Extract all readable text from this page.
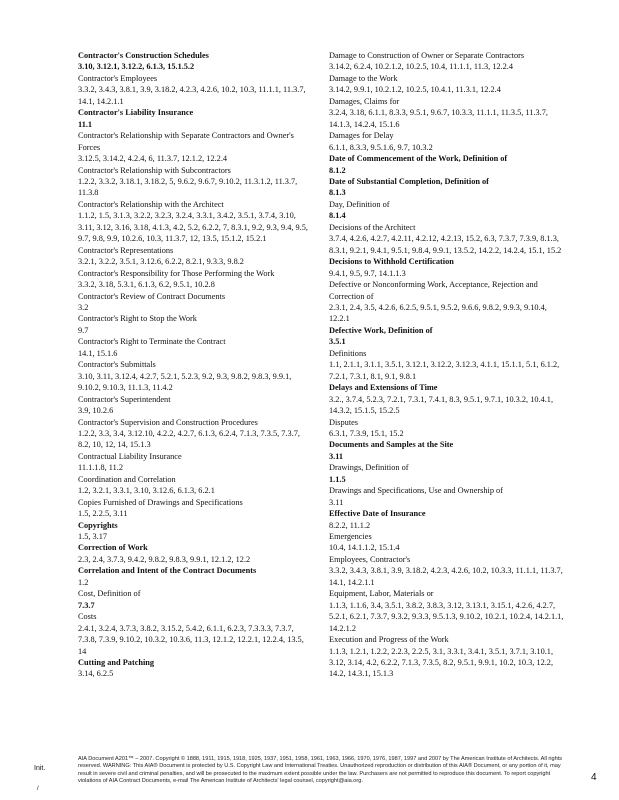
Contractor's Construction Schedules
3.10, 3.12.1, 3.12.2, 6.1.3, 15.1.5.2
Contractor's Employees
3.3.2, 3.4.3, 3.8.1, 3.9, 3.18.2, 4.2.3, 4.2.6, 10.2, 10.3, 11.1.1, 11.3.7, 14.1, 14.2.1.1
Contractor's Liability Insurance
11.1
Contractor's Relationship with Separate Contractors and Owner's Forces
3.12.5, 3.14.2, 4.2.4, 6, 11.3.7, 12.1.2, 12.2.4
Contractor's Relationship with Subcontractors
1.2.2, 3.3.2, 3.18.1, 3.18.2, 5, 9.6.2, 9.6.7, 9.10.2, 11.3.1.2, 11.3.7, 11.3.8
Contractor's Relationship with the Architect
1.1.2, 1.5, 3.1.3, 3.2.2, 3.2.3, 3.2.4, 3.3.1, 3.4.2, 3.5.1, 3.7.4, 3.10, 3.11, 3.12, 3.16, 3.18, 4.1.3, 4.2, 5.2, 6.2.2, 7, 8.3.1, 9.2, 9.3, 9.4, 9.5, 9.7, 9.8, 9.9, 10.2.6, 10.3, 11.3.7, 12, 13.5, 15.1.2, 15.2.1
Contractor's Representations
3.2.1, 3.2.2, 3.5.1, 3.12.6, 6.2.2, 8.2.1, 9.3.3, 9.8.2
Contractor's Responsibility for Those Performing the Work
3.3.2, 3.18, 5.3.1, 6.1.3, 6.2, 9.5.1, 10.2.8
Contractor's Review of Contract Documents
3.2
Contractor's Right to Stop the Work
9.7
Contractor's Right to Terminate the Contract
14.1, 15.1.6
Contractor's Submittals
3.10, 3.11, 3.12.4, 4.2.7, 5.2.1, 5.2.3, 9.2, 9.3, 9.8.2, 9.8.3, 9.9.1, 9.10.2, 9.10.3, 11.1.3, 11.4.2
Contractor's Superintendent
3.9, 10.2.6
Contractor's Supervision and Construction Procedures
1.2.2, 3.3, 3.4, 3.12.10, 4.2.2, 4.2.7, 6.1.3, 6.2.4, 7.1.3, 7.3.5, 7.3.7, 8.2, 10, 12, 14, 15.1.3
Contractual Liability Insurance
11.1.1.8, 11.2
Coordination and Correlation
1.2, 3.2.1, 3.3.1, 3.10, 3.12.6, 6.1.3, 6.2.1
Copies Furnished of Drawings and Specifications
1.5, 2.2.5, 3.11
Copyrights
1.5, 3.17
Correction of Work
2.3, 2.4, 3.7.3, 9.4.2, 9.8.2, 9.8.3, 9.9.1, 12.1.2, 12.2
Correlation and Intent of the Contract Documents
1.2
Cost, Definition of
7.3.7
Costs
2.4.1, 3.2.4, 3.7.3, 3.8.2, 3.15.2, 5.4.2, 6.1.1, 6.2.3, 7.3.3.3, 7.3.7, 7.3.8, 7.3.9, 9.10.2, 10.3.2, 10.3.6, 11.3, 12.1.2, 12.2.1, 12.2.4, 13.5, 14
Cutting and Patching
3.14, 6.2.5
Damage to Construction of Owner or Separate Contractors
3.14.2, 6.2.4, 10.2.1.2, 10.2.5, 10.4, 11.1.1, 11.3, 12.2.4
Damage to the Work
3.14.2, 9.9.1, 10.2.1.2, 10.2.5, 10.4.1, 11.3.1, 12.2.4
Damages, Claims for
3.2.4, 3.18, 6.1.1, 8.3.3, 9.5.1, 9.6.7, 10.3.3, 11.1.1, 11.3.5, 11.3.7, 14.1.3, 14.2.4, 15.1.6
Damages for Delay
6.1.1, 8.3.3, 9.5.1.6, 9.7, 10.3.2
Date of Commencement of the Work, Definition of
8.1.2
Date of Substantial Completion, Definition of
8.1.3
Day, Definition of
8.1.4
Decisions of the Architect
3.7.4, 4.2.6, 4.2.7, 4.2.11, 4.2.12, 4.2.13, 15.2, 6.3, 7.3.7, 7.3.9, 8.1.3, 8.3.1, 9.2.1, 9.4.1, 9.5.1, 9.8.4, 9.9.1, 13.5.2, 14.2.2, 14.2.4, 15.1, 15.2
Decisions to Withhold Certification
9.4.1, 9.5, 9.7, 14.1.1.3
Defective or Nonconforming Work, Acceptance, Rejection and Correction of
2.3.1, 2.4, 3.5, 4.2.6, 6.2.5, 9.5.1, 9.5.2, 9.6.6, 9.8.2, 9.9.3, 9.10.4, 12.2.1
Defective Work, Definition of
3.5.1
Definitions
1.1, 2.1.1, 3.1.1, 3.5.1, 3.12.1, 3.12.2, 3.12.3, 4.1.1, 15.1.1, 5.1, 6.1.2, 7.2.1, 7.3.1, 8.1, 9.1, 9.8.1
Delays and Extensions of Time
3.2., 3.7.4, 5.2.3, 7.2.1, 7.3.1, 7.4.1, 8.3, 9.5.1, 9.7.1, 10.3.2, 10.4.1, 14.3.2, 15.1.5, 15.2.5
Disputes
6.3.1, 7.3.9, 15.1, 15.2
Documents and Samples at the Site
3.11
Drawings, Definition of
1.1.5
Drawings and Specifications, Use and Ownership of
3.11
Effective Date of Insurance
8.2.2, 11.1.2
Emergencies
10.4, 14.1.1.2, 15.1.4
Employees, Contractor's
3.3.2, 3.4.3, 3.8.1, 3.9, 3.18.2, 4.2.3, 4.2.6, 10.2, 10.3.3, 11.1.1, 11.3.7, 14.1, 14.2.1.1
Equipment, Labor, Materials or
1.1.3, 1.1.6, 3.4, 3.5.1, 3.8.2, 3.8.3, 3.12, 3.13.1, 3.15.1, 4.2.6, 4.2.7, 5.2.1, 6.2.1, 7.3.7, 9.3.2, 9.3.3, 9.5.1.3, 9.10.2, 10.2.1, 10.2.4, 14.2.1.1, 14.2.1.2
Execution and Progress of the Work
1.1.3, 1.2.1, 1.2.2, 2.2.3, 2.2.5, 3.1, 3.3.1, 3.4.1, 3.5.1, 3.7.1, 3.10.1, 3.12, 3.14, 4.2, 6.2.2, 7.1.3, 7.3.5, 8.2, 9.5.1, 9.9.1, 10.2, 10.3, 12.2, 14.2, 14.3.1, 15.1.3
Init.
/
AIA Document A201™ – 2007. Copyright © 1888, 1911, 1915, 1918, 1925, 1937, 1951, 1958, 1961, 1963, 1966, 1970, 1976, 1987, 1997 and 2007 by The American Institute of Architects. All rights reserved. WARNING: This AIA® Document is protected by U.S. Copyright Law and International Treaties. Unauthorized reproduction or distribution of this AIA® Document, or any portion of it, may result in severe civil and criminal penalties, and will be prosecuted to the maximum extent possible under the law. Purchasers are not permitted to reproduce this document. To report copyright violations of AIA Contract Documents, e-mail The American Institute of Architects' legal counsel, copyright@aia.org.	4
